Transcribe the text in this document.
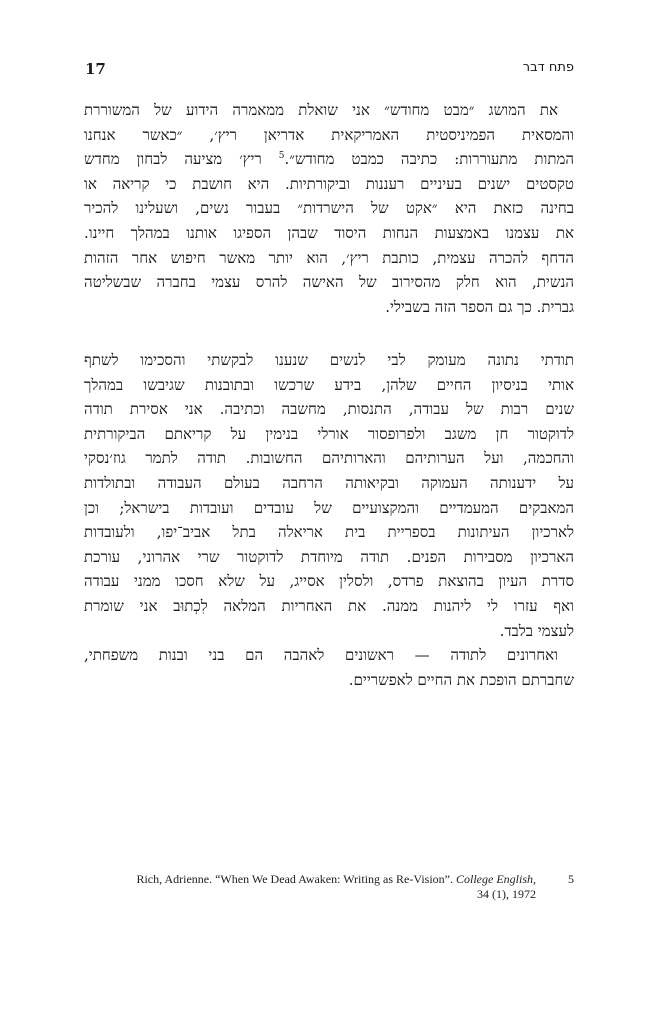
17	פתח דבר
את המושג ״מבט מחודש״ אני שואלת ממאמרה הידוע של המשוררת
והמסאית הפמיניסטית האמריקאית אדריאן ריץ׳, ״כאשר אנחנו
המתות מתעוררות: כתיבה כמבט מחודש״.$^5$ ריץ׳ מציעה לבחון מחדש
טקסטים ישנים בעיניים רעננות וביקורתיות. היא חושבת כי קריאה או
בחינה כזאת היא ״אקט של הישרדות״ בעבור נשים, ושעלינו להכיר
את עצמנו באמצעות הנחות היסוד שבהן הספיגו אותנו במהלך חיינו.
הדחף להכרה עצמית, כותבת ריץ׳, הוא יותר מאשר חיפוש אחר הזהות
הנשית, הוא חלק מהסירוב של האישה להרס עצמי בחברה שבשליטה
גברית. כך גם הספר הזה בשבילי.
תודתי נתונה מעומק לבי לנשים שנענו לבקשתי והסכימו לשתף
אותי בניסיון החיים שלהן, בידע שרכשו ובתובנות שגיבשו במהלך
שנים רבות של עבודה, התנסות, מחשבה וכתיבה. אני אסירת תודה
לדוקטור חן משגב ולפרופסור אורלי בנימין על קריאתם הביקורתית
והחכמה, ועל הערותיהם והארותיהם החשובות. תודה לתמר גוז׳נסקי
על ידענותה העמוקה ובקיאותה הרחבה בעולם העבודה ובתולדות
המאבקים המעמדיים והמקצועיים של עובדים ועובדות בישראל; וכן
לארכיון העיתונות בספריית בית אריאלה בתל אביב־יפו, ולעובדות
הארכיון מסבירות הפנים. תודה מיוחדת לדוקטור שרי אהרוני, עורכת
סדרת העיון בהוצאת פרדס, ולסלין אסייג, על שלא חסכו ממני עבודה
ואף עזרו לי ליהנות ממנה. את האחריות המלאה לִכְתוּב אני שומרת
לעצמי בלבד.
ואחרונים לתודה — ראשונים לאהבה הם בני ובנות משפחתי,
שחברתם הופכת את החיים לאפשריים.
5
Rich, Adrienne. “When We Dead Awaken: Writing as Re-Vision”. College English,
34 (1), 1972
